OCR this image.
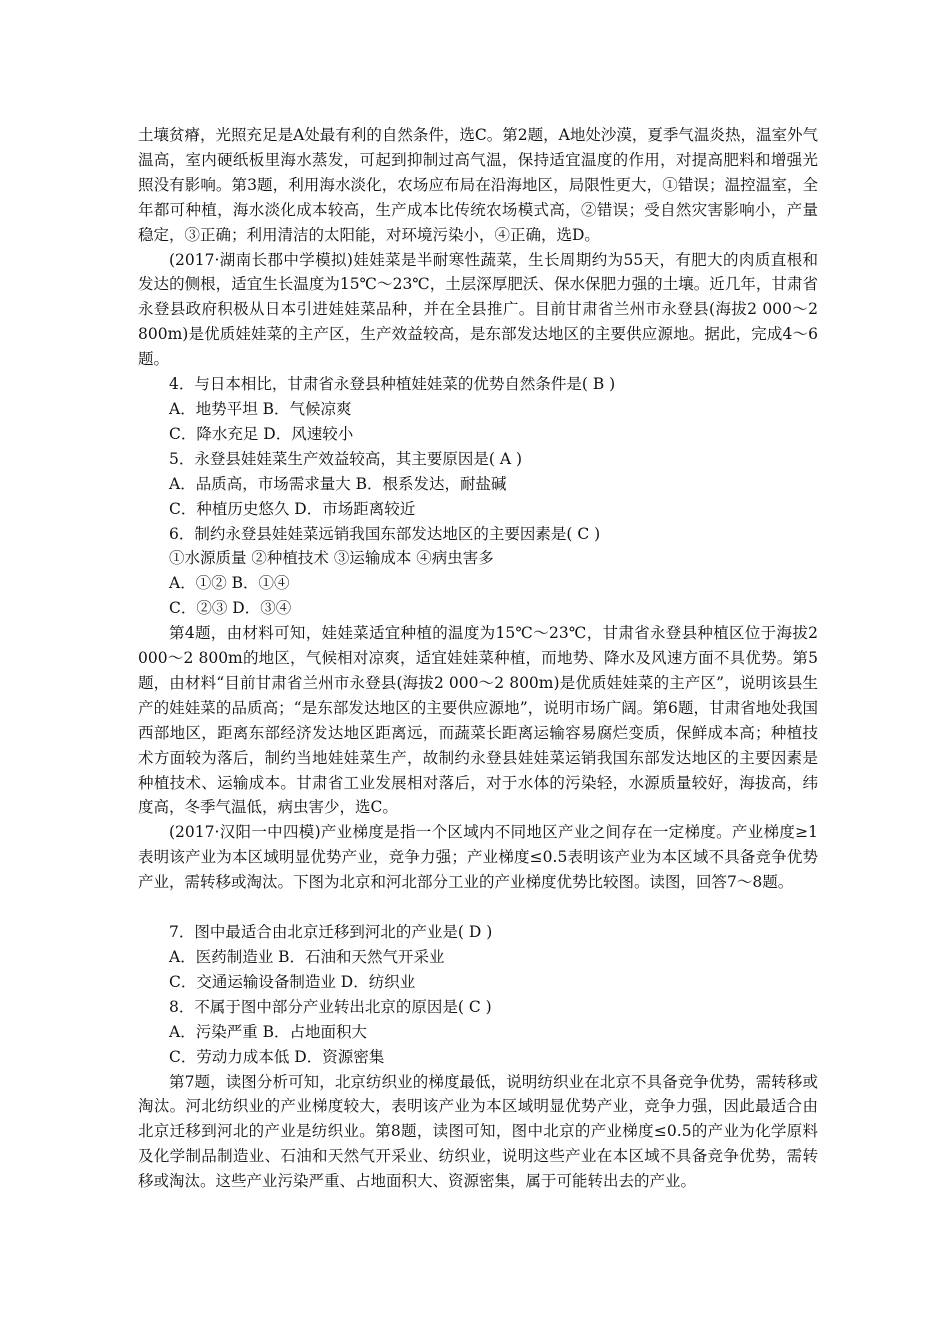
土壤贫瘠，光照充足是A处最有利的自然条件，选C。第2题，A地处沙漠，夏季气温炎热，温室外气温高，室内硬纸板里海水蒸发，可起到抑制过高气温，保持适宜温度的作用，对提高肥料和增强光照没有影响。第3题，利用海水淡化，农场应布局在沿海地区，局限性更大，①错误；温控温室，全年都可种植，海水淡化成本较高，生产成本比传统农场模式高，②错误；受自然灾害影响小，产量稳定，③正确；利用清洁的太阳能，对环境污染小，④正确，选D。

(2017·湖南长郡中学模拟)娃娃菜是半耐寒性蔬菜，生长周期约为55天，有肥大的肉质直根和发达的侧根，适宜生长温度为15℃～23℃，土层深厚肥沃、保水保肥力强的土壤。近几年，甘肃省永登县政府积极从日本引进娃娃菜品种，并在全县推广。目前甘肃省兰州市永登县(海拔2 000～2 800m)是优质娃娃菜的主产区，生产效益较高，是东部发达地区的主要供应源地。据此，完成4～6题。

4．与日本相比，甘肃省永登县种植娃娃菜的优势自然条件是( B )

A．地势平坦 B．气候凉爽

C．降水充足 D．风速较小

5．永登县娃娃菜生产效益较高，其主要原因是( A )

A．品质高，市场需求量大 B．根系发达，耐盐碱

C．种植历史悠久 D．市场距离较近

6．制约永登县娃娃菜远销我国东部发达地区的主要因素是( C )

①水源质量 ②种植技术 ③运输成本 ④病虫害多

A．①② B．①④

C．②③ D．③④

第4题，由材料可知，娃娃菜适宜种植的温度为15℃～23℃，甘肃省永登县种植区位于海拔2 000～2 800m的地区，气候相对凉爽，适宜娃娃菜种植，而地势、降水及风速方面不具优势。第5题，由材料“目前甘肃省兰州市永登县(海拔2 000～2 800m)是优质娃娃菜的主产区”，说明该县生产的娃娃菜的品质高；“是东部发达地区的主要供应源地”，说明市场广阔。第6题，甘肃省地处我国西部地区，距离东部经济发达地区距离远，而蔬菜长距离运输容易腐烂变质，保鲜成本高；种植技术方面较为落后，制约当地娃娃菜生产，故制约永登县娃娃菜运销我国东部发达地区的主要因素是种植技术、运输成本。甘肃省工业发展相对落后，对于水体的污染轻，水源质量较好，海拔高，纬度高，冬季气温低，病虫害少，选C。

(2017·汉阳一中四模)产业梯度是指一个区域内不同地区产业之间存在一定梯度。产业梯度≥1表明该产业为本区域明显优势产业，竞争力强；产业梯度≤0.5表明该产业为本区域不具备竞争优势产业，需转移或淘汰。下图为北京和河北部分工业的产业梯度优势比较图。读图，回答7～8题。

7．图中最适合由北京迁移到河北的产业是( D )

A．医药制造业 B．石油和天然气开采业

C．交通运输设备制造业 D．纺织业

8．不属于图中部分产业转出北京的原因是( C )

A．污染严重 B．占地面积大

C．劳动力成本低 D．资源密集

第7题，读图分析可知，北京纺织业的梯度最低，说明纺织业在北京不具备竞争优势，需转移或淘汰。河北纺织业的产业梯度较大，表明该产业为本区域明显优势产业，竞争力强，因此最适合由北京迁移到河北的产业是纺织业。第8题，读图可知，图中北京的产业梯度≤0.5的产业为化学原料及化学制品制造业、石油和天然气开采业、纺织业，说明这些产业在本区域不具备竞争优势，需转移或淘汰。这些产业污染严重、占地面积大、资源密集，属于可能转出去的产业。
